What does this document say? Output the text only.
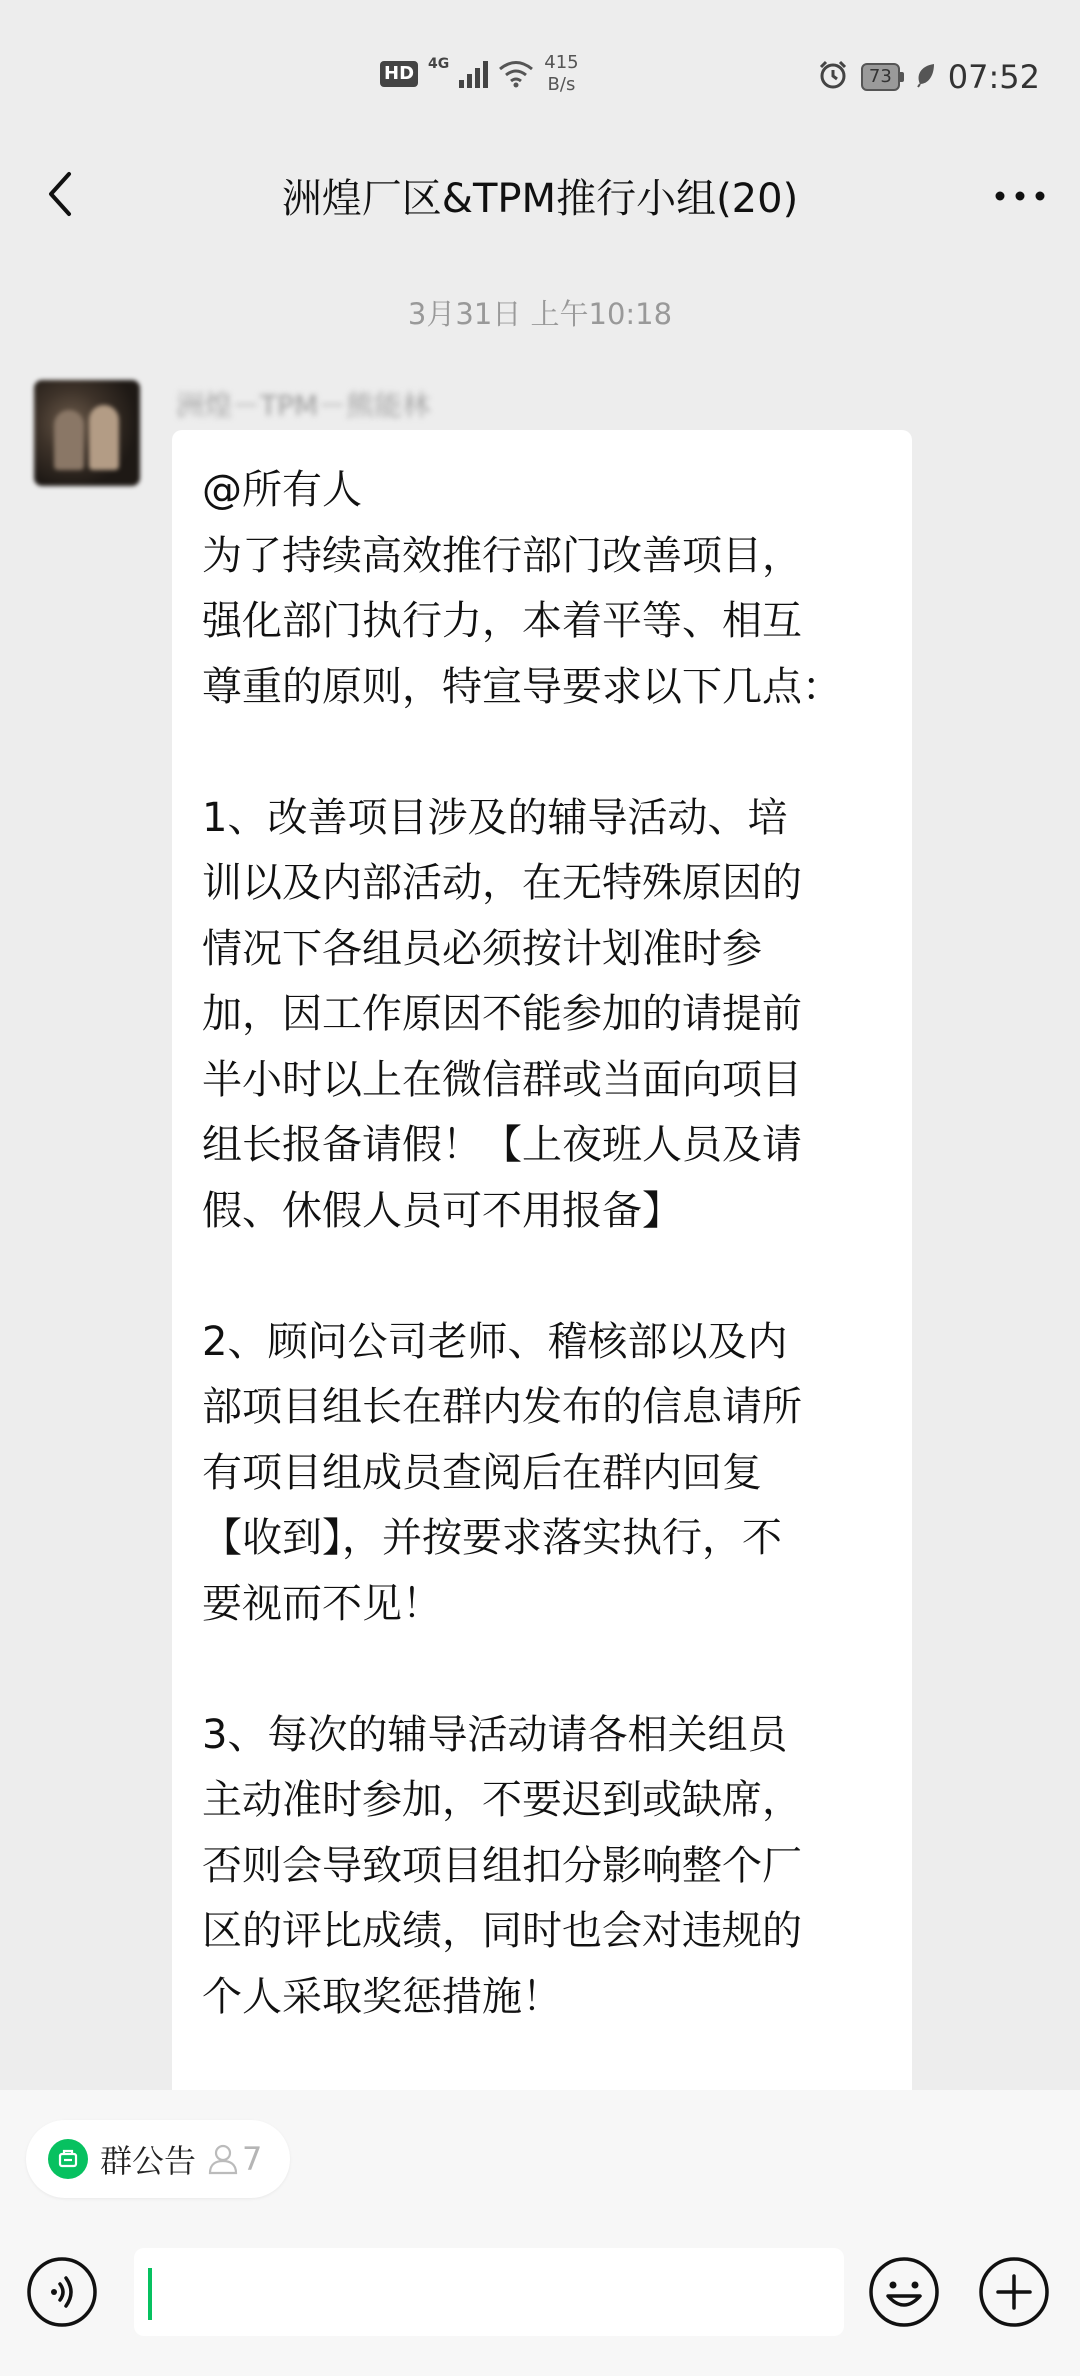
HD 4G	415
B/s	73 07:52
洲煌厂区&TPM推行小组(20)
3月31日 上午10:18
洲煌－TPM－熊能林
@所有人
为了持续高效推行部门改善项目，
强化部门执行力，本着平等、相互
尊重的原则，特宣导要求以下几点：
1、改善项目涉及的辅导活动、培
训以及内部活动，在无特殊原因的
情况下各组员必须按计划准时参
加，因工作原因不能参加的请提前
半小时以上在微信群或当面向项目
组长报备请假！【上夜班人员及请
假、休假人员可不用报备】
2、顾问公司老师、稽核部以及内
部项目组长在群内发布的信息请所
有项目组成员查阅后在群内回复
【收到】，并按要求落实执行，不
要视而不见！
3、每次的辅导活动请各相关组员
主动准时参加，不要迟到或缺席，
否则会导致项目组扣分影响整个厂
区的评比成绩，同时也会对违规的
个人采取奖惩措施！
群公告 7
